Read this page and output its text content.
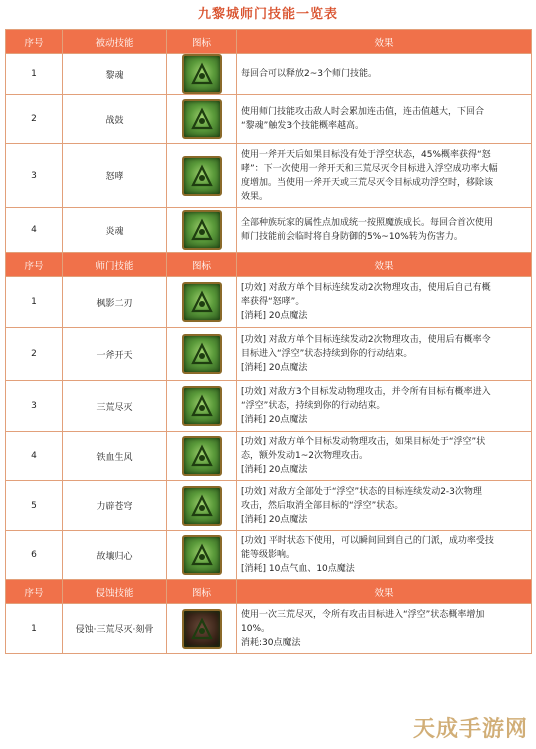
九黎城师门技能一览表
序号	被动技能	图标	效果
1	黎魂		每回合可以释放2~3个师门技能。

2	战鼓		使用师门技能攻击敌人时会累加连击值，连击值越大，下回合
“黎魂”触发3个技能概率越高。

3	怒哮		使用一斧开天后如果目标没有处于浮空状态，45%概率获得“怒
哮”：下一次使用一斧开天和三荒尽灭令目标进入浮空成功率大幅
度增加。当使用一斧开天或三荒尽灭令目标成功浮空时，移除该
效果。

4	炎魂		全部种族玩家的属性点加成统一按照魔族成长。每回合首次使用
师门技能前会临时将自身防御的5%~10%转为伤害力。

序号	师门技能	图标	效果
1	枫影二刃		[功效] 对敌方单个目标连续发动2次物理攻击，使用后自己有概
率获得“怒哮”。
[消耗] 20点魔法

2	一斧开天		[功效] 对敌方单个目标连续发动2次物理攻击，使用后有概率令
目标进入“浮空”状态持续到你的行动结束。
[消耗] 20点魔法

3	三荒尽灭		[功效] 对敌方3个目标发动物理攻击，并令所有目标有概率进入
“浮空”状态，持续到你的行动结束。
[消耗] 20点魔法

4	铁血生风		[功效] 对敌方单个目标发动物理攻击，如果目标处于“浮空”状
态，额外发动1~2次物理攻击。
[消耗] 20点魔法

5	力辟苍穹		[功效] 对敌方全部处于“浮空”状态的目标连续发动2-3次物理
攻击，然后取消全部目标的“浮空”状态。
[消耗] 20点魔法

6	故壤归心		[功效] 平时状态下使用，可以瞬间回到自己的门派，成功率受技
能等级影响。
[消耗] 10点气血、10点魔法

序号	侵蚀技能	图标	效果
1	侵蚀·三荒尽灭·刻骨		使用一次三荒尽灭，令所有攻击目标进入“浮空”状态概率增加
10%。
消耗:30点魔法
天成手游网
